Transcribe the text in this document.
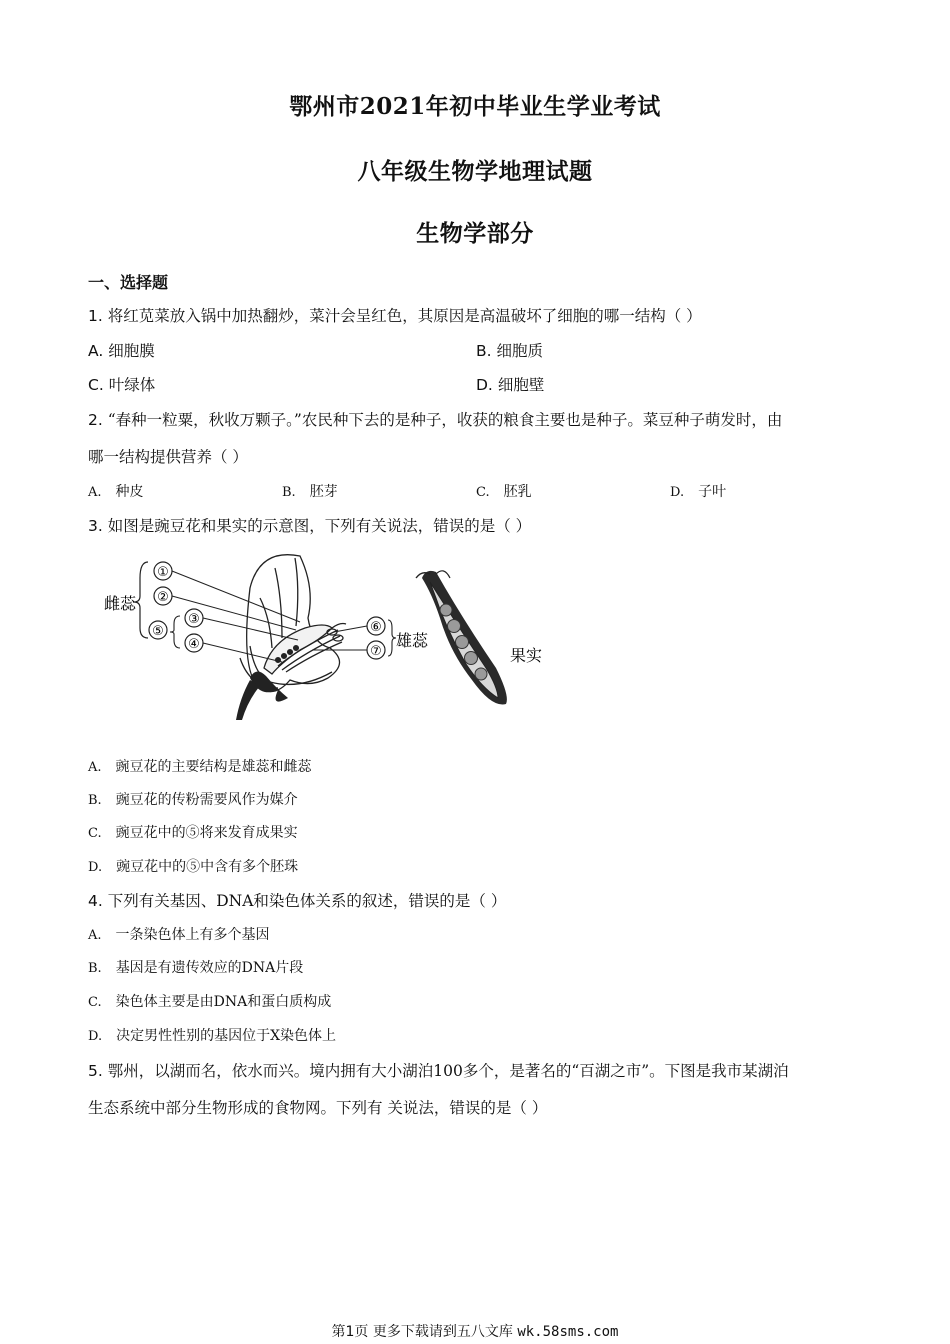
鄂州市2021年初中毕业生学业考试
八年级生物学地理试题
生物学部分
一、选择题
1. 将红苋菜放入锅中加热翻炒，菜汁会呈红色，其原因是高温破坏了细胞的哪一结构（ ）
A. 细胞膜	B. 细胞质
C. 叶绿体	D. 细胞壁
2. “春种一粒粟，秋收万颗子。”农民种下去的是种子，收获的粮食主要也是种子。菜豆种子萌发时，由
哪一结构提供营养（ ）
A. 种皮	B. 胚芽	C. 胚乳	D. 子叶
3. 如图是豌豆花和果实的示意图，下列有关说法，错误的是（ ）
雌蕊
①
②
⑤
③
④
⑥
⑦
雄蕊
果实
A. 豌豆花的主要结构是雄蕊和雌蕊
B. 豌豆花的传粉需要风作为媒介
C. 豌豆花中的⑤将来发育成果实
D. 豌豆花中的⑤中含有多个胚珠
4. 下列有关基因、DNA和染色体关系的叙述，错误的是（ ）
A. 一条染色体上有多个基因
B. 基因是有遗传效应的DNA片段
C. 染色体主要是由DNA和蛋白质构成
D. 决定男性性别的基因位于X染色体上
5. 鄂州，以湖而名，依水而兴。境内拥有大小湖泊100多个，是著名的“百湖之市”。下图是我市某湖泊
生态系统中部分生物形成的食物网。下列有 关说法，错误的是（ ）
第1页 更多下载请到五八文库 wk.58sms.com
